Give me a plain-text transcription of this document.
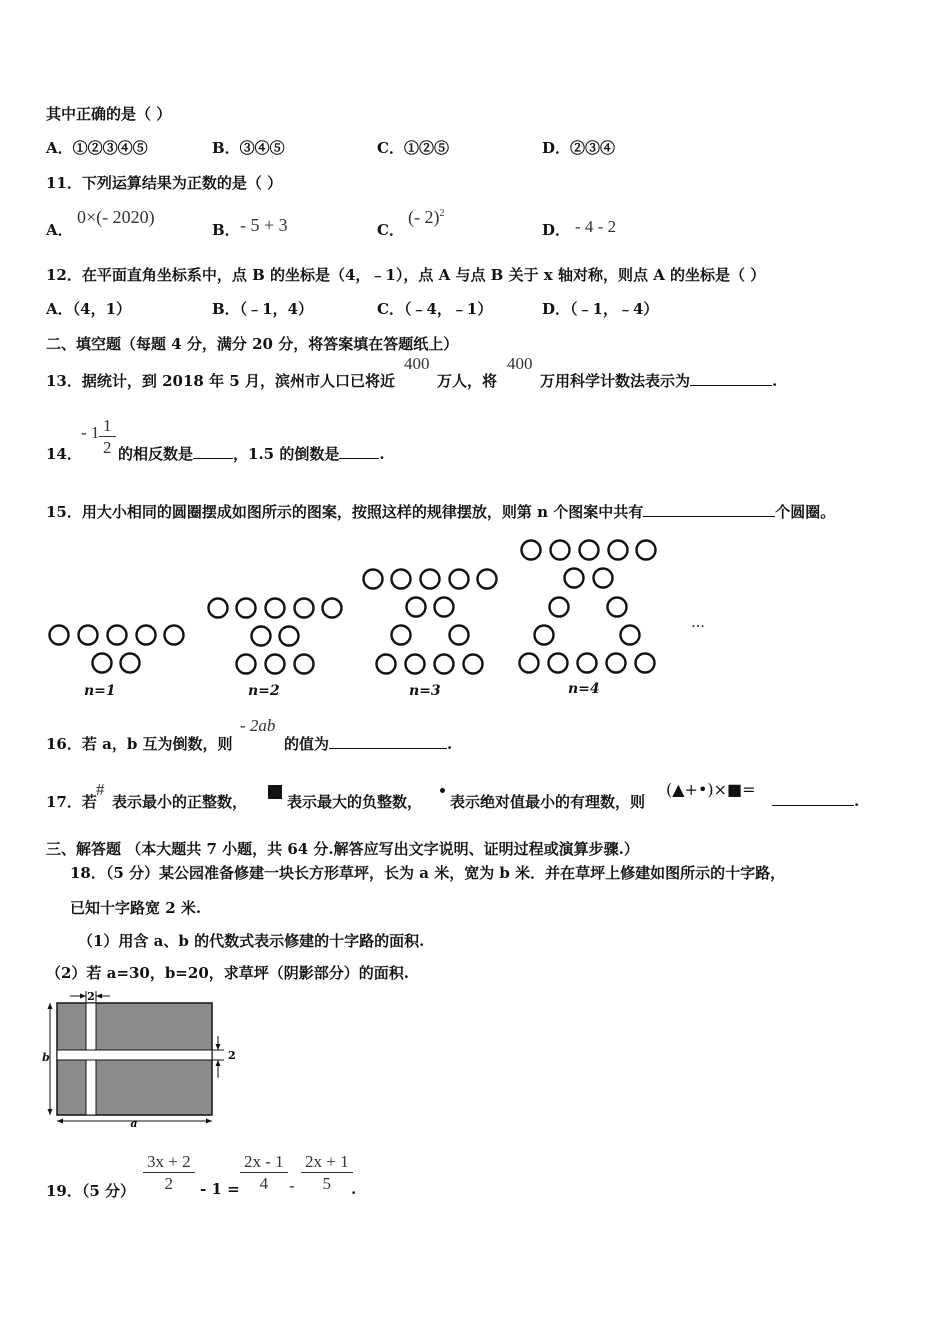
其中正确的是（ ）
A．①②③④⑤	B．③④⑤	C．①②⑤	D．②③④
11．下列运算结果为正数的是（ ）
A．
0×(- 2020)
B． - 5 + 3	C．
(- 2)$^2$
D． - 4 - 2
12．在平面直角坐标系中，点 B 的坐标是（4，﹣1），点 A 与点 B 关于 x 轴对称，则点 A 的坐标是（ ）
A．（4，1）	B．（﹣1，4）	C．（﹣4，﹣1）	D．（﹣1，﹣4）
二、填空题（每题 4 分，满分 20 分，将答案填在答题纸上）
13．据统计，到 2018 年 5 月，滨州市人口已将近
400
万人，将
400
万用科学计数法表示为	.
14．
- $1 \frac{1}{2}$ 的相反数是	，1.5 的倒数是	.
15．用大小相同的圆圈摆成如图所示的图案，按照这样的规律摆放，则第 n 个图案中共有	个圆圈。
n=1	n=2	n=3	n=4
…
16．若 a，b 互为倒数，则
- 2ab
的值为	.
17．若
#
表示最小的正整数，	表示最大的负整数， 表示绝对值最小的有理数，则
(▲+•)×■=
.
三、解答题 （本大题共 7 小题，共 64 分.解答应写出文字说明、证明过程或演算步骤.）
18．（5 分）某公园准备修建一块长方形草坪，长为 a 米，宽为 b 米．并在草坪上修建如图所示的十字路，
已知十字路宽 2 米.
（1）用含 a、b 的代数式表示修建的十字路的面积.
（2）若 a=30，b=20，求草坪（阴影部分）的面积.
2
2
b
a
19．（5 分） $\frac{3x + 2}{2} - 1 = \frac{2x - 1}{4} - \frac{2x + 1}{5}$
.
